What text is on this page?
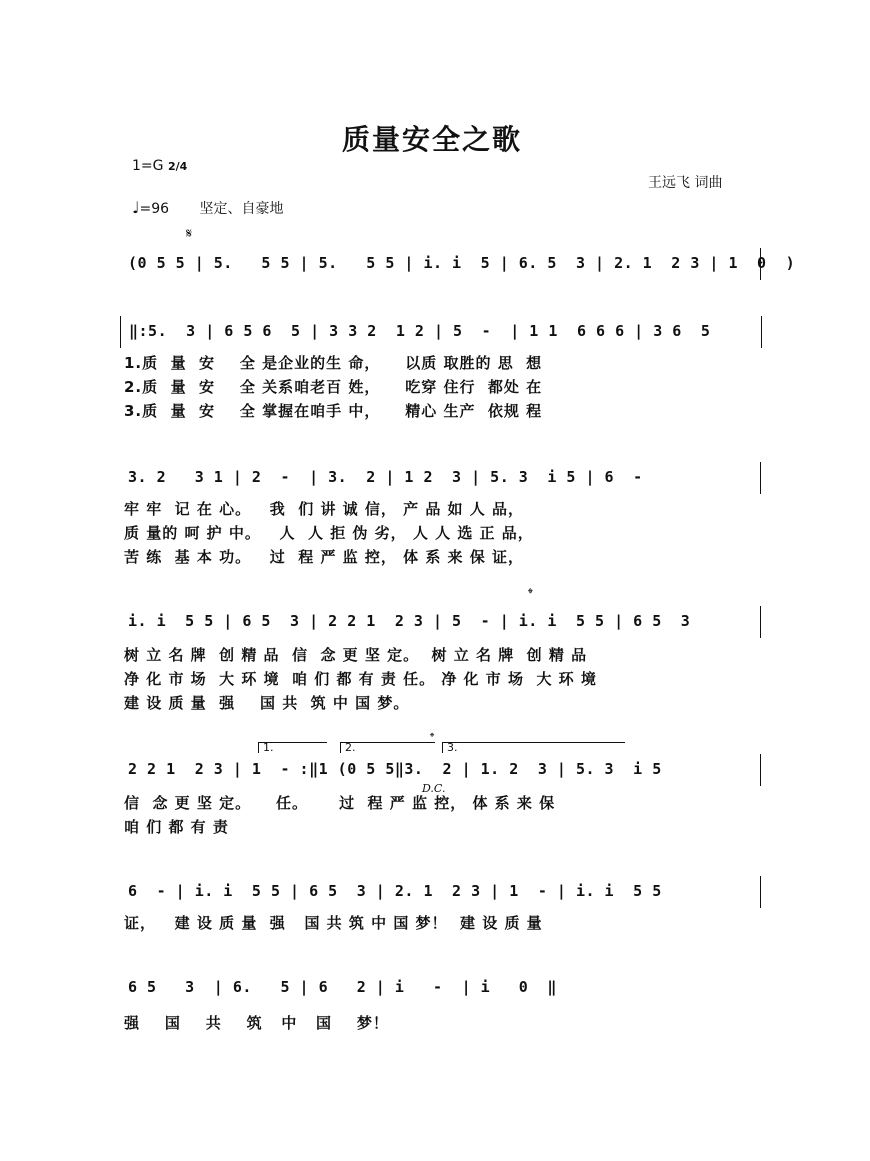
质量安全之歌
1=G 2/4
王远飞 词曲
♩=96 坚定、自豪地
𝄋
(0 5 5 | 5.   5 5 | 5.   5 5 | i. i  5 | 6. 5  3 | 2. 1  2 3 | 1  0  )
‖:5.  3 | 6 5 6  5 | 3 3 2  1 2 | 5  -  | 1 1  6 6 6 | 3 6  5
1.质  量  安    全 是企业的生 命，    以质 取胜的 思  想
2.质  量  安    全 关系咱老百 姓，    吃穿 住行  都处 在
3.质  量  安    全 掌握在咱手 中，    精心 生产  依规 程
3. 2   3 1 | 2  -  | 3.  2 | 1 2  3 | 5. 3  i 5 | 6  -
牢 牢  记 在 心。   我  们 讲 诚 信， 产 品 如 人 品，
质 量的 呵 护 中。   人  人 拒 伪 劣， 人 人 选 正 品，
苦 练  基 本 功。   过  程 严 监 控， 体 系 来 保 证，
𝄌
i. i  5 5 | 6 5  3 | 2 2 1  2 3 | 5  - | i. i  5 5 | 6 5  3
树 立 名 牌  创 精 品  信  念 更 坚 定。  树 立 名 牌  创 精 品
净 化 市 场  大 环 境  咱 们 都 有 责 任。 净 化 市 场  大 环 境
建 设 质 量  强    国 共  筑 中 国 梦。
1.	2.	3.
𝄌
2 2 1  2 3 | 1  - :‖1 (0 5 5‖3.  2 | 1. 2  3 | 5. 3  i 5
D.C.
信  念 更 坚 定。    任。     过  程 严 监 控， 体 系 来 保
咱 们 都 有 责
6  - | i. i  5 5 | 6 5  3 | 2. 1  2 3 | 1  - | i. i  5 5
证，   建 设 质 量  强   国 共 筑 中 国 梦！  建 设 质 量
6 5   3  | 6.   5 | 6   2 | i   -  | i   0  ‖
强    国    共    筑   中   国    梦！
